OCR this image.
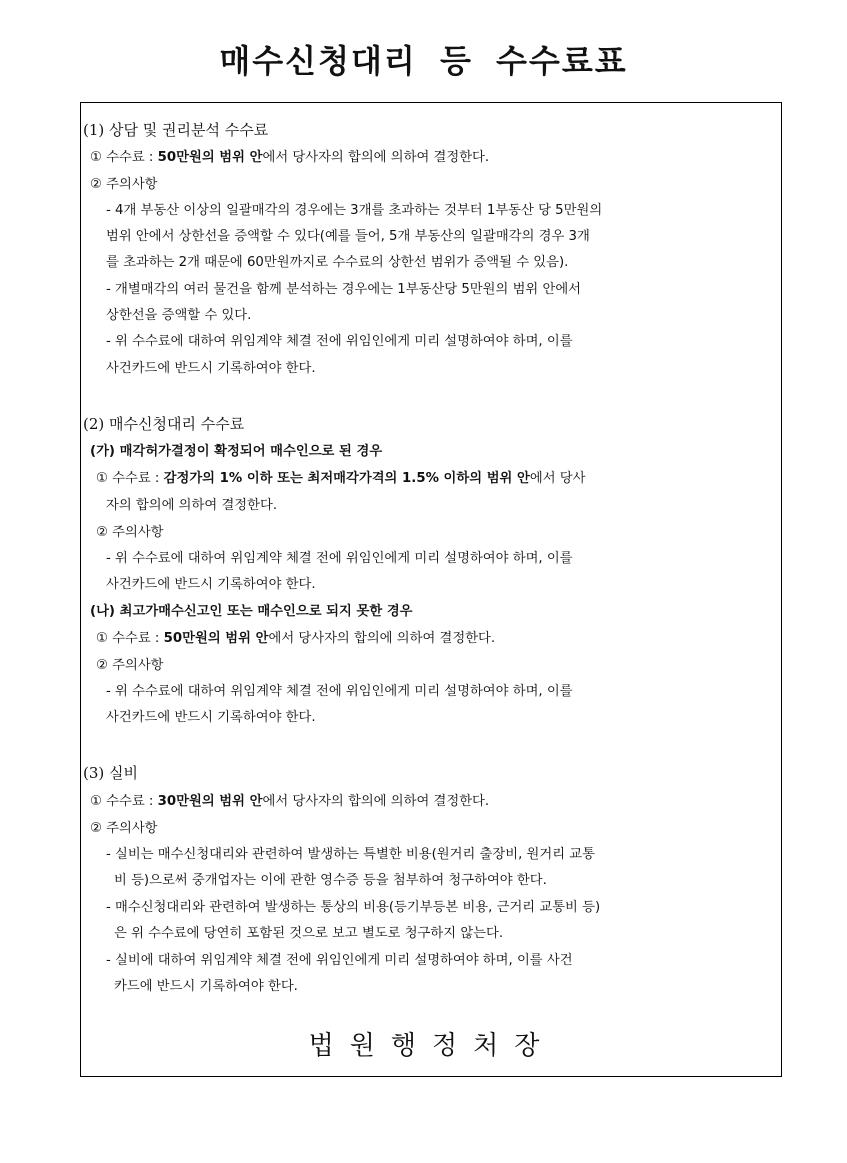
매수신청대리 등 수수료표
(1) 상담 및 권리분석 수수료
① 수수료 : 50만원의 범위 안에서 당사자의 합의에 의하여 결정한다.
② 주의사항
- 4개 부동산 이상의 일괄매각의 경우에는 3개를 초과하는 것부터 1부동산 당 5만원의
범위 안에서 상한선을 증액할 수 있다(예를 들어, 5개 부동산의 일괄매각의 경우 3개
를 초과하는 2개 때문에 60만원까지로 수수료의 상한선 범위가 증액될 수 있음).
- 개별매각의 여러 물건을 함께 분석하는 경우에는 1부동산당 5만원의 범위 안에서
상한선을 증액할 수 있다.
- 위 수수료에 대하여 위임계약 체결 전에 위임인에게 미리 설명하여야 하며, 이를
사건카드에 반드시 기록하여야 한다.
(2) 매수신청대리 수수료
(가) 매각허가결정이 확정되어 매수인으로 된 경우
① 수수료 : 감정가의 1% 이하 또는 최저매각가격의 1.5% 이하의 범위 안에서 당사
자의 합의에 의하여 결정한다.
② 주의사항
- 위 수수료에 대하여 위임계약 체결 전에 위임인에게 미리 설명하여야 하며, 이를
사건카드에 반드시 기록하여야 한다.
(나) 최고가매수신고인 또는 매수인으로 되지 못한 경우
① 수수료 : 50만원의 범위 안에서 당사자의 합의에 의하여 결정한다.
② 주의사항
- 위 수수료에 대하여 위임계약 체결 전에 위임인에게 미리 설명하여야 하며, 이를
사건카드에 반드시 기록하여야 한다.
(3) 실비
① 수수료 : 30만원의 범위 안에서 당사자의 합의에 의하여 결정한다.
② 주의사항
- 실비는 매수신청대리와 관련하여 발생하는 특별한 비용(원거리 출장비, 원거리 교통
비 등)으로써 중개업자는 이에 관한 영수증 등을 첨부하여 청구하여야 한다.
- 매수신청대리와 관련하여 발생하는 통상의 비용(등기부등본 비용, 근거리 교통비 등)
은 위 수수료에 당연히 포함된 것으로 보고 별도로 청구하지 않는다.
- 실비에 대하여 위임계약 체결 전에 위임인에게 미리 설명하여야 하며, 이를 사건
카드에 반드시 기록하여야 한다.
법원행정처장
